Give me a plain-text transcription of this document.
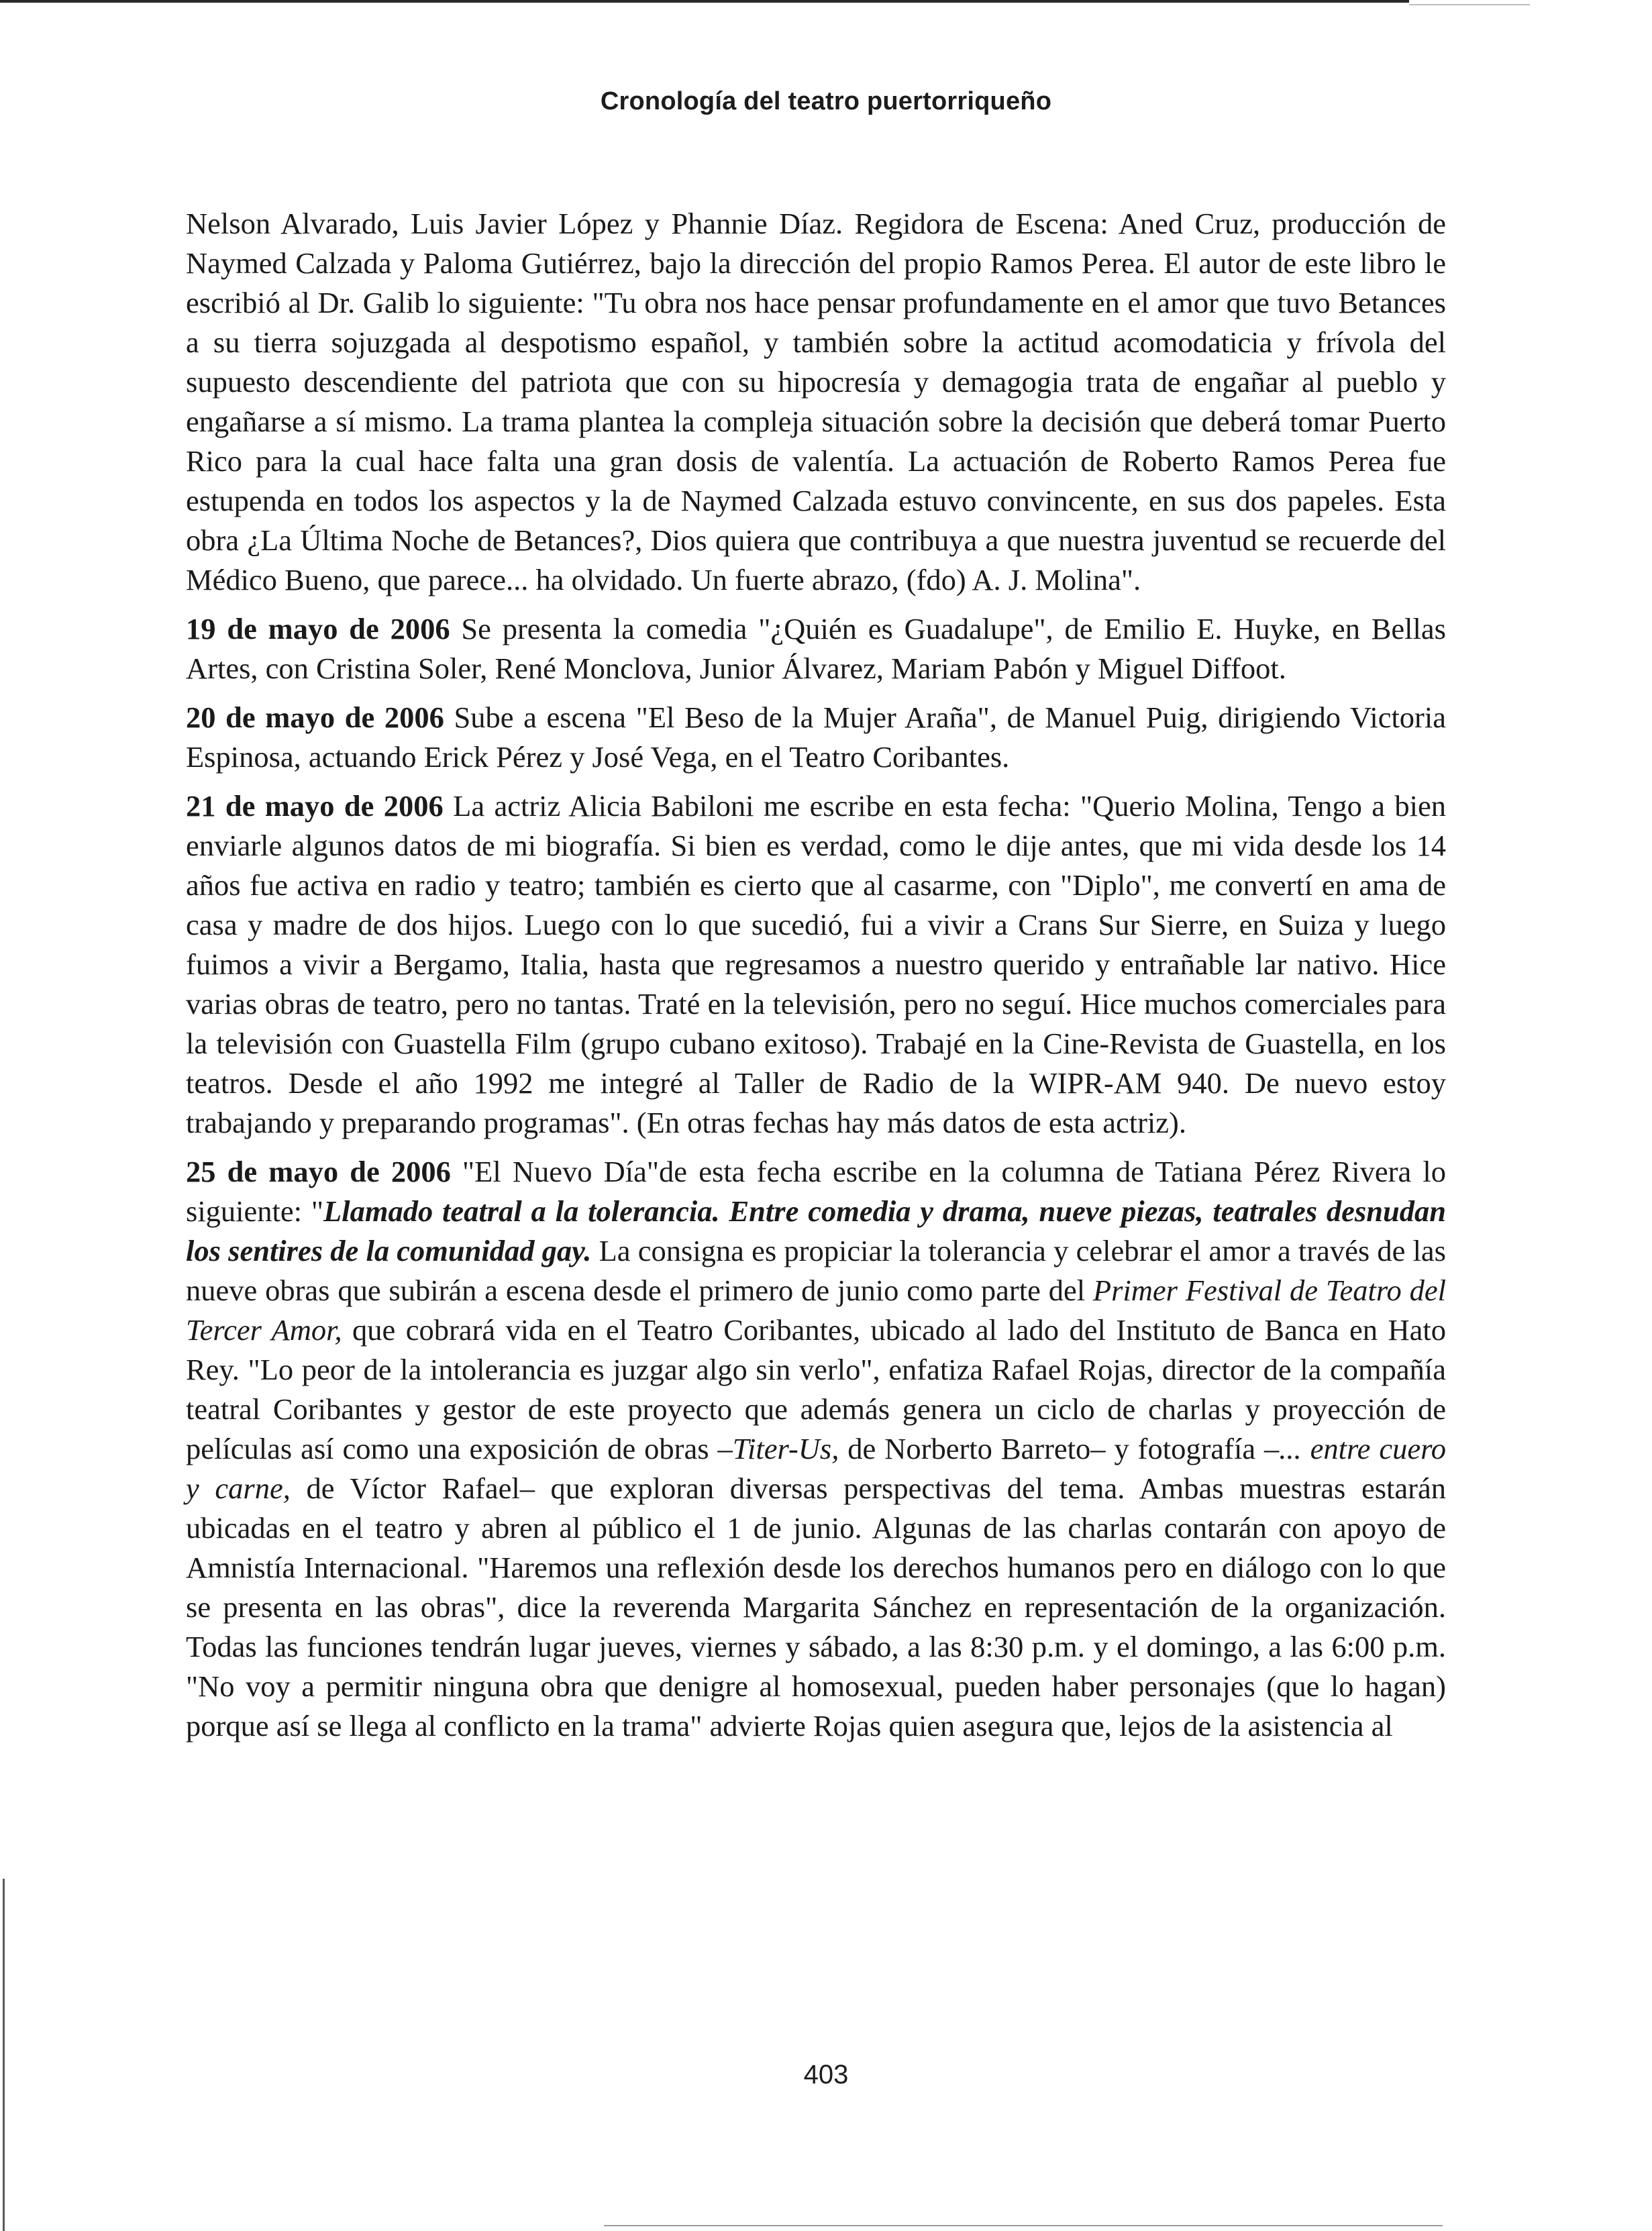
Cronología del teatro puertorriqueño

Nelson Alvarado, Luis Javier López y Phannie Díaz. Regidora de Escena: Aned Cruz, producción de Naymed Calzada y Paloma Gutiérrez, bajo la dirección del propio Ramos Perea. El autor de este libro le escribió al Dr. Galib lo siguiente: "Tu obra nos hace pensar profundamente en el amor que tuvo Betances a su tierra sojuzgada al despotismo español, y también sobre la actitud acomodaticia y frívola del supuesto descendiente del patriota que con su hipocresía y demagogia trata de engañar al pueblo y engañarse a sí mismo. La trama plantea la compleja situación sobre la decisión que deberá tomar Puerto Rico para la cual hace falta una gran dosis de valentía. La actuación de Roberto Ramos Perea fue estupenda en todos los aspectos y la de Naymed Calzada estuvo convincente, en sus dos papeles. Esta obra ¿La Última Noche de Betances?, Dios quiera que contribuya a que nuestra juventud se recuerde del Médico Bueno, que parece... ha olvidado. Un fuerte abrazo, (fdo) A. J. Molina".

19 de mayo de 2006 Se presenta la comedia "¿Quién es Guadalupe", de Emilio E. Huyke, en Bellas Artes, con Cristina Soler, René Monclova, Junior Álvarez, Mariam Pabón y Miguel Diffoot.

20 de mayo de 2006 Sube a escena "El Beso de la Mujer Araña", de Manuel Puig, dirigiendo Victoria Espinosa, actuando Erick Pérez y José Vega, en el Teatro Coribantes.

21 de mayo de 2006 La actriz Alicia Babiloni me escribe en esta fecha: "Querio Molina, Tengo a bien enviarle algunos datos de mi biografía. Si bien es verdad, como le dije antes, que mi vida desde los 14 años fue activa en radio y teatro; también es cierto que al casarme, con "Diplo", me convertí en ama de casa y madre de dos hijos. Luego con lo que sucedió, fui a vivir a Crans Sur Sierre, en Suiza y luego fuimos a vivir a Bergamo, Italia, hasta que regresamos a nuestro querido y entrañable lar nativo. Hice varias obras de teatro, pero no tantas. Traté en la televisión, pero no seguí. Hice muchos comerciales para la televisión con Guastella Film (grupo cubano exitoso). Trabajé en la Cine-Revista de Guastella, en los teatros. Desde el año 1992 me integré al Taller de Radio de la WIPR-AM 940. De nuevo estoy trabajando y preparando programas". (En otras fechas hay más datos de esta actriz).

25 de mayo de 2006 "El Nuevo Día"de esta fecha escribe en la columna de Tatiana Pérez Rivera lo siguiente: "Llamado teatral a la tolerancia. Entre comedia y drama, nueve piezas, teatrales desnudan los sentires de la comunidad gay. La consigna es propiciar la tolerancia y celebrar el amor a través de las nueve obras que subirán a escena desde el primero de junio como parte del Primer Festival de Teatro del Tercer Amor, que cobrará vida en el Teatro Coribantes, ubicado al lado del Instituto de Banca en Hato Rey. "Lo peor de la intolerancia es juzgar algo sin verlo", enfatiza Rafael Rojas, director de la compañía teatral Coribantes y gestor de este proyecto que además genera un ciclo de charlas y proyección de películas así como una exposición de obras –Titer-Us, de Norberto Barreto– y fotografía –... entre cuero y carne, de Víctor Rafael– que exploran diversas perspectivas del tema. Ambas muestras estarán ubicadas en el teatro y abren al público el 1 de junio. Algunas de las charlas contarán con apoyo de Amnistía Internacional. "Haremos una reflexión desde los derechos humanos pero en diálogo con lo que se presenta en las obras", dice la reverenda Margarita Sánchez en representación de la organización. Todas las funciones tendrán lugar jueves, viernes y sábado, a las 8:30 p.m. y el domingo, a las 6:00 p.m. "No voy a permitir ninguna obra que denigre al homosexual, pueden haber personajes (que lo hagan) porque así se llega al conflicto en la trama" advierte Rojas quien asegura que, lejos de la asistencia al

403
